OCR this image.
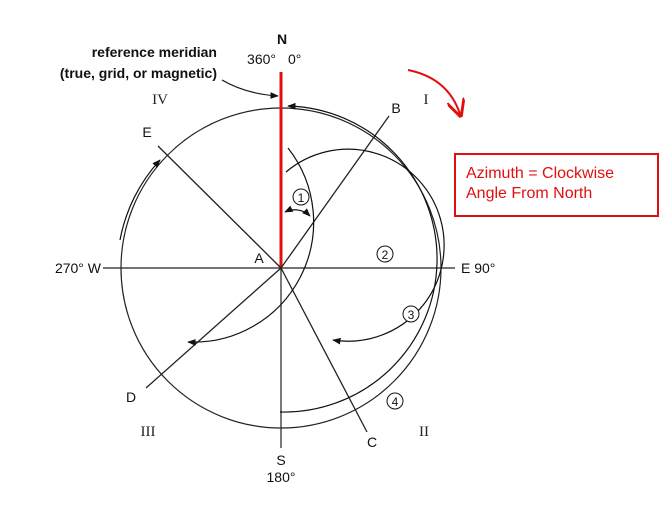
reference meridian
(true, grid, or magnetic)
N
360° 0°
E 90°
S
180°
270° W
IV	I
II
III
A
B
C
D
E
1
2
3
4
Azimuth = Clockwise
Angle From North
